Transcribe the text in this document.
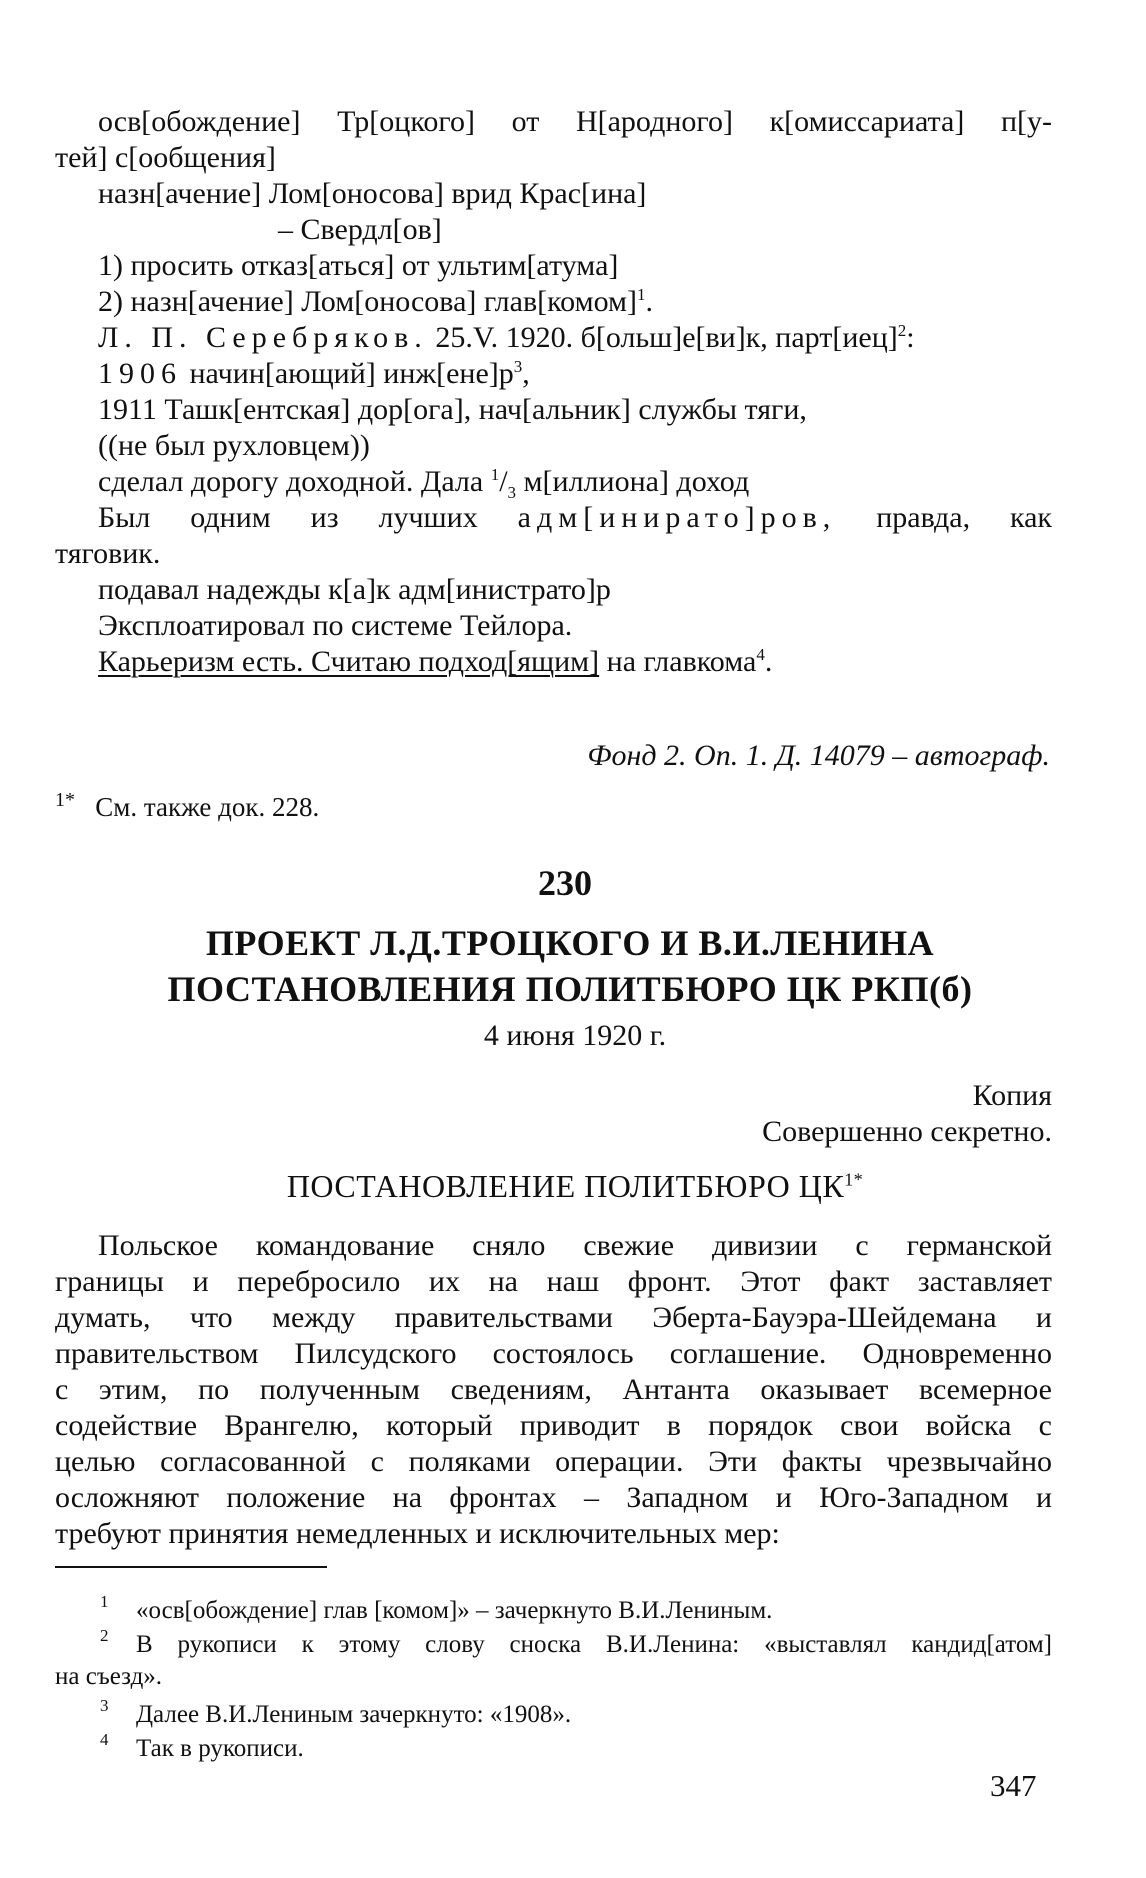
осв[обождение] Тр[оцкого] от Н[ародного] к[омиссариата] п[у-
тей] с[ообщения]
назн[ачение] Лом[оносова] врид Крас[ина]
– Свердл[ов]
1) просить отказ[аться] от ультим[атума]
2) назн[ачение] Лом[оносова] глав[комом]$^1$.
Л. П. Серебряков. 25.V. 1920. б[ольш]е[ви]к, парт[иец]$^2$:
1906 начин[ающий] $инж[ене]р^3$,
1911 Ташк[ентская] дор[ога], нач[альник] службы тяги,
((не был рухловцем))
сделал дорогу доходной. Дала $^1/_3$ м[иллиона] доход
Был одним из лучших адм[инирато]ров, правда, как
тяговик.
подавал надежды к[а]к адм[инистрато]р
Эксплоатировал по системе Тейлора.
Карьеризм есть. Считаю подход[ящим] на главкома$^4$.
Фонд 2. Оп. 1. Д. 14079 – автограф.
$^{1*}$ См. также док. 228.
230
ПРОЕКТ Л.Д.ТРОЦКОГО И В.И.ЛЕНИНА
ПОСТАНОВЛЕНИЯ ПОЛИТБЮРО ЦК РКП(б)
4 июня 1920 г.
Копия
Совершенно секретно.
ПОСТАНОВЛЕНИЕ ПОЛИТБЮРО $ЦК^{1*}$
Польское командование сняло свежие дивизии с германской
границы и перебросило их на наш фронт. Этот факт заставляет
думать, что между правительствами Эберта-Бауэра-Шейдемана и
правительством Пилсудского состоялось соглашение. Одновременно
с этим, по полученным сведениям, Антанта оказывает всемерное
содействие Врангелю, который приводит в порядок свои войска с
целью согласованной с поляками операции. Эти факты чрезвычайно
осложняют положение на фронтах – Западном и Юго-Западном и
требуют принятия немедленных и исключительных мер:
1 «осв[обождение] глав [комом]» – зачеркнуто В.И.Лениным.
2 В рукописи к этому слову сноска В.И.Ленина: «выставлял кандид[атом]
на съезд».
3 Далее В.И.Лениным зачеркнуто: «1908».
4 Так в рукописи.
347
